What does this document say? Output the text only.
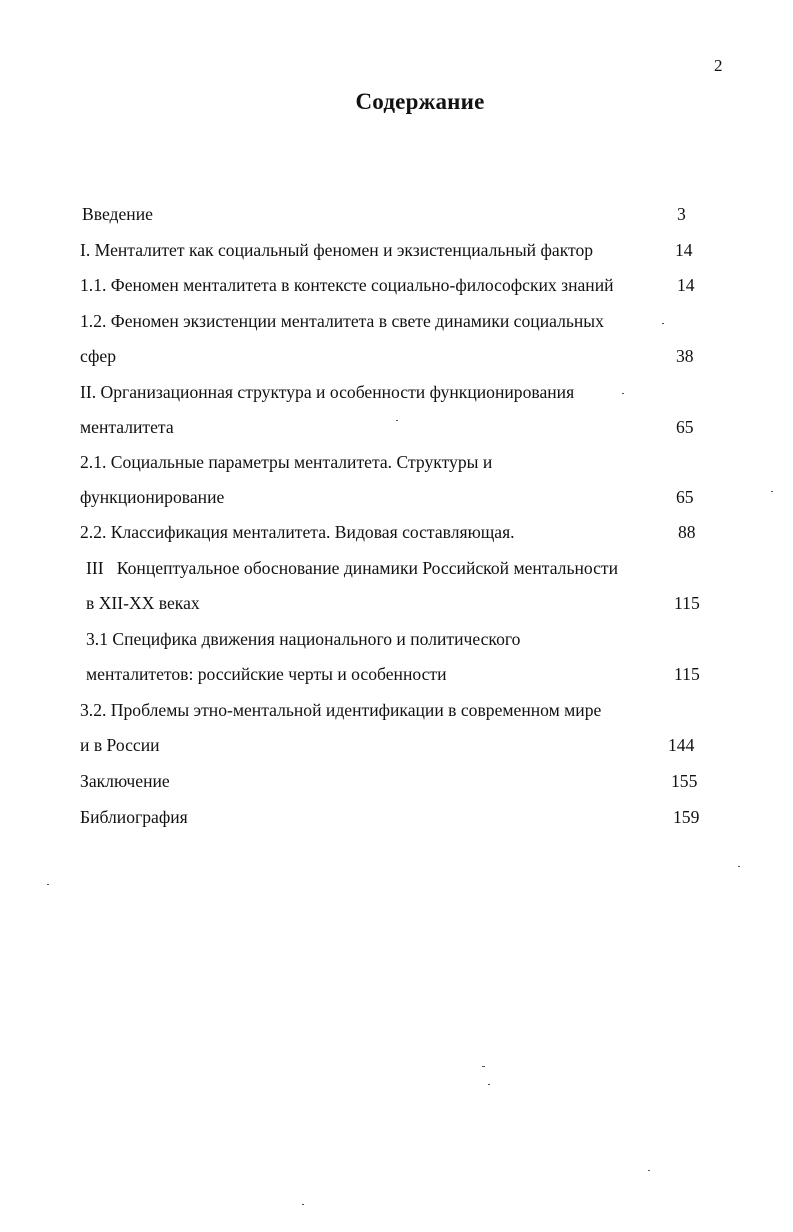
2
Содержание
Введение	3
I. Менталитет как социальный феномен и экзистенциальный фактор	14
1.1. Феномен менталитета в контексте социально-философских знаний	14
1.2. Феномен экзистенции менталитета в свете динамики социальных
сфер	38
II. Организационная структура и особенности функционирования
менталитета	65
2.1. Социальные параметры менталитета. Структуры и
функционирование	65
2.2. Классификация менталитета. Видовая составляющая.	88
III   Концептуальное обоснование динамики Российской ментальности
в XII-XX веках	115
3.1 Специфика движения национального и политического
менталитетов: российские черты и особенности	115
3.2. Проблемы этно-ментальной идентификации в современном мире
и в России	144
Заключение	155
Библиография	159
